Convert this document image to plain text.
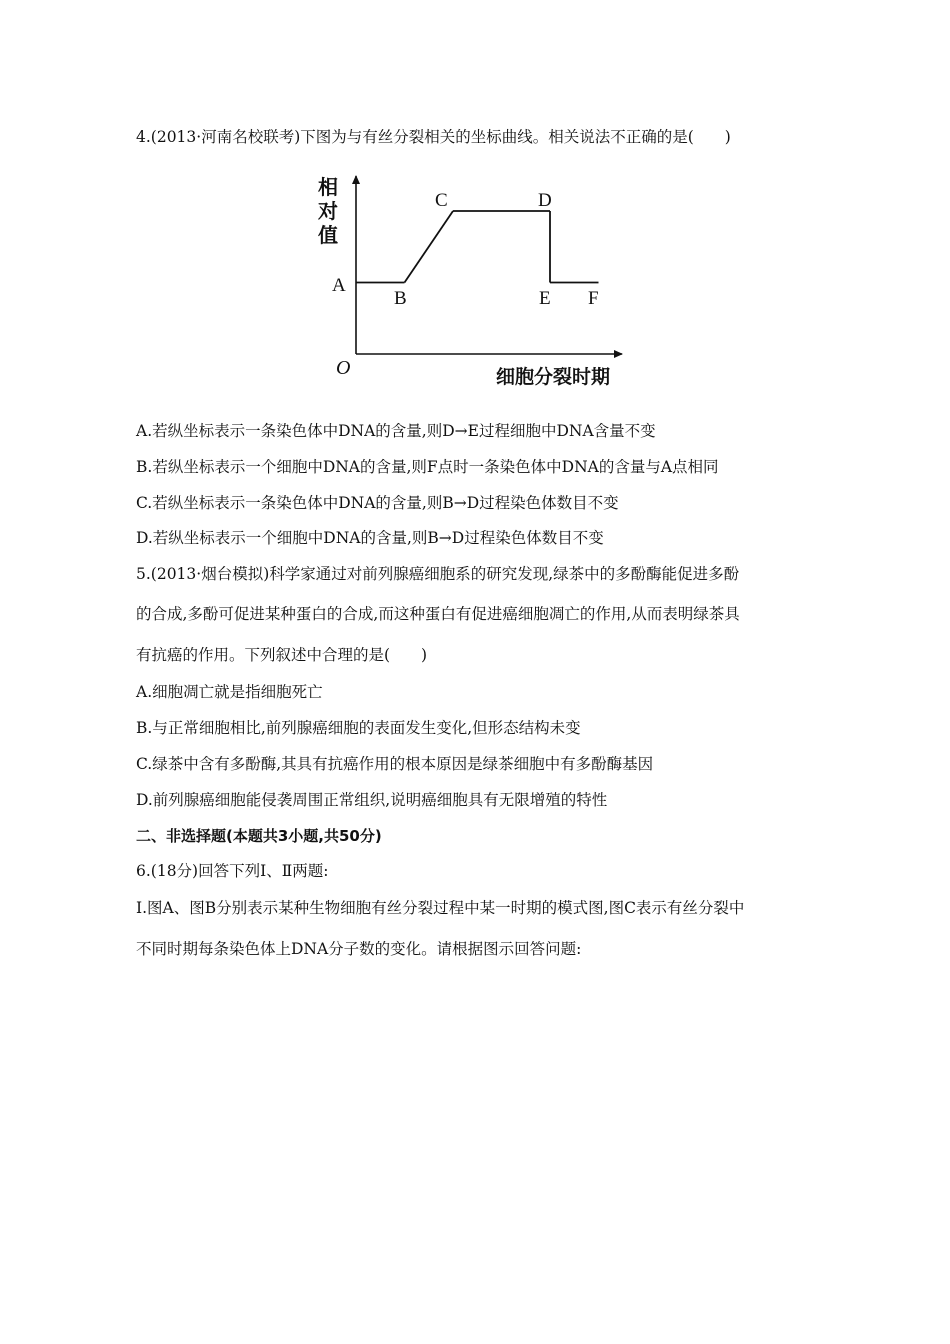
4.(2013·河南名校联考)下图为与有丝分裂相关的坐标曲线。相关说法不正确的是(　　)
相
对
值
O	细胞分裂时期
A
B
C	D
E F
A.若纵坐标表示一条染色体中DNA的含量,则D→E过程细胞中DNA含量不变
B.若纵坐标表示一个细胞中DNA的含量,则F点时一条染色体中DNA的含量与A点相同
C.若纵坐标表示一条染色体中DNA的含量,则B→D过程染色体数目不变
D.若纵坐标表示一个细胞中DNA的含量,则B→D过程染色体数目不变
5.(2013·烟台模拟)科学家通过对前列腺癌细胞系的研究发现,绿茶中的多酚酶能促进多酚
的合成,多酚可促进某种蛋白的合成,而这种蛋白有促进癌细胞凋亡的作用,从而表明绿茶具
有抗癌的作用。下列叙述中合理的是(　　)
A.细胞凋亡就是指细胞死亡
B.与正常细胞相比,前列腺癌细胞的表面发生变化,但形态结构未变
C.绿茶中含有多酚酶,其具有抗癌作用的根本原因是绿茶细胞中有多酚酶基因
D.前列腺癌细胞能侵袭周围正常组织,说明癌细胞具有无限增殖的特性
二、非选择题(本题共3小题,共50分)
6.(18分)回答下列Ⅰ、Ⅱ两题:
Ⅰ.图A、图B分别表示某种生物细胞有丝分裂过程中某一时期的模式图,图C表示有丝分裂中
不同时期每条染色体上DNA分子数的变化。请根据图示回答问题:
